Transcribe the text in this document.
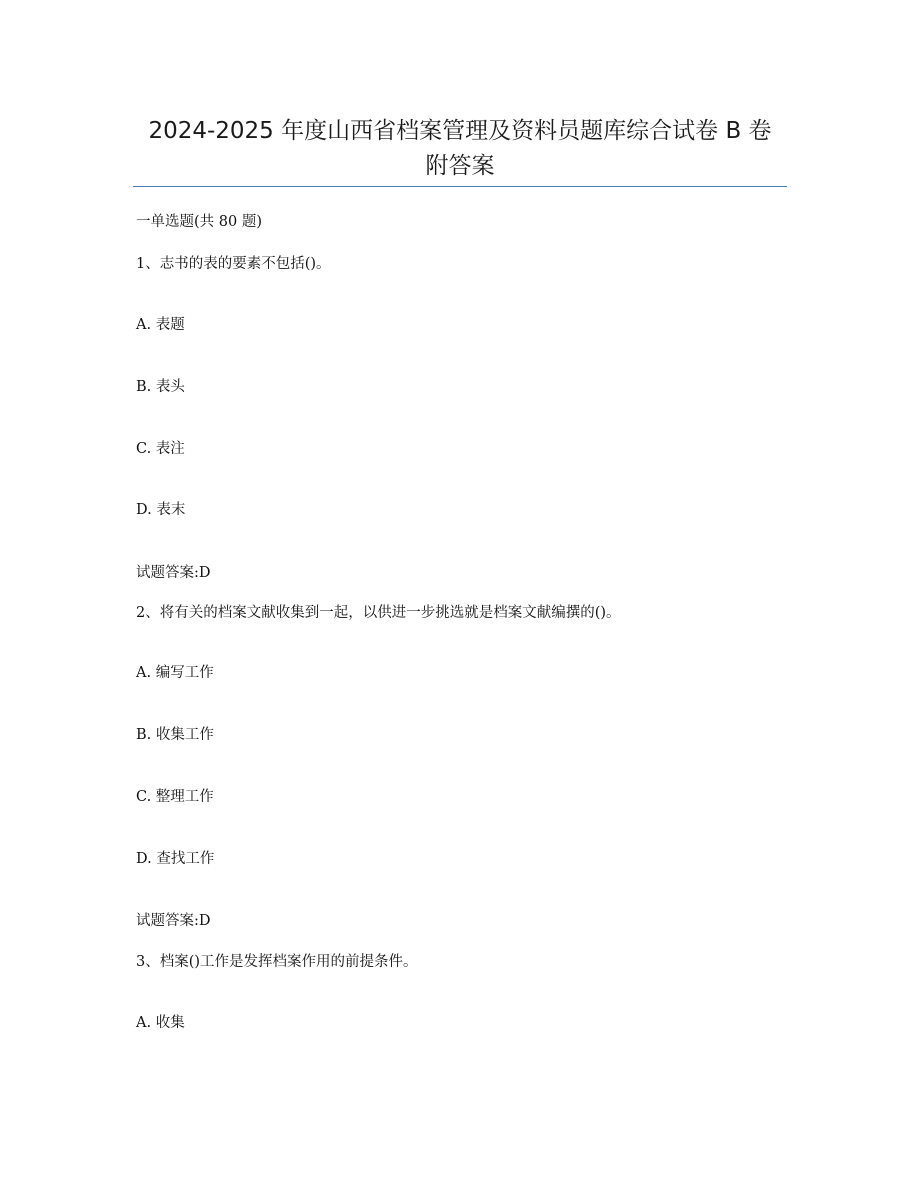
2024-2025 年度山西省档案管理及资料员题库综合试卷 B 卷
附答案
一单选题(共 80 题)
1、志书的表的要素不包括()。
A. 表题
B. 表头
C. 表注
D. 表末
试题答案:D
2、将有关的档案文献收集到一起，以供进一步挑选就是档案文献编撰的()。
A. 编写工作
B. 收集工作
C. 整理工作
D. 查找工作
试题答案:D
3、档案()工作是发挥档案作用的前提条件。
A. 收集
